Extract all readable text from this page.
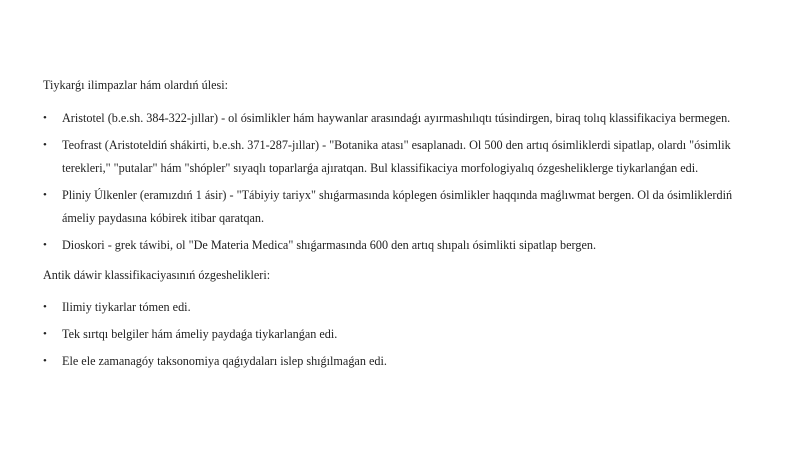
Tiykarǵı ilimpazlar hám olardıń úlesi:

• Aristotel (b.e.sh. 384-322-jıllar) - ol ósimlikler hám haywanlar arasındaǵı ayırmashılıqtı túsindirgen, biraq tolıq klassifikaciya bermegen.
• Teofrast (Aristoteldiń shákirti, b.e.sh. 371-287-jıllar) - "Botanika atası" esaplanadı. Ol 500 den artıq ósimliklerdi sipatlap, olardı "ósimlik terekleri," "putalar" hám "shópler" sıyaqlı toparlarǵa ajıratqan. Bul klassifikaciya morfologiyalıq ózgesheliklerge tiykarlanǵan edi.
• Pliniy Úlkenler (eramızdıń 1 ásir) - "Tábiyiy tariyx" shıǵarmasında kóplegen ósimlikler haqqında maǵlıwmat bergen. Ol da ósimliklerdiń ámeliy paydasına kóbirek itibar qaratqan.
• Dioskori - grek táwibi, ol "De Materia Medica" shıǵarmasında 600 den artıq shıpalı ósimlikti sipatlap bergen.

Antik dáwir klassifikaciyasınıń ózgeshelikleri:

• Ilimiy tiykarlar tómen edi.
• Tek sırtqı belgiler hám ámeliy paydaǵa tiykarlanǵan edi.
• Ele ele zamanagóy taksonomiya qaǵıydaları islep shıǵılmaǵan edi.
